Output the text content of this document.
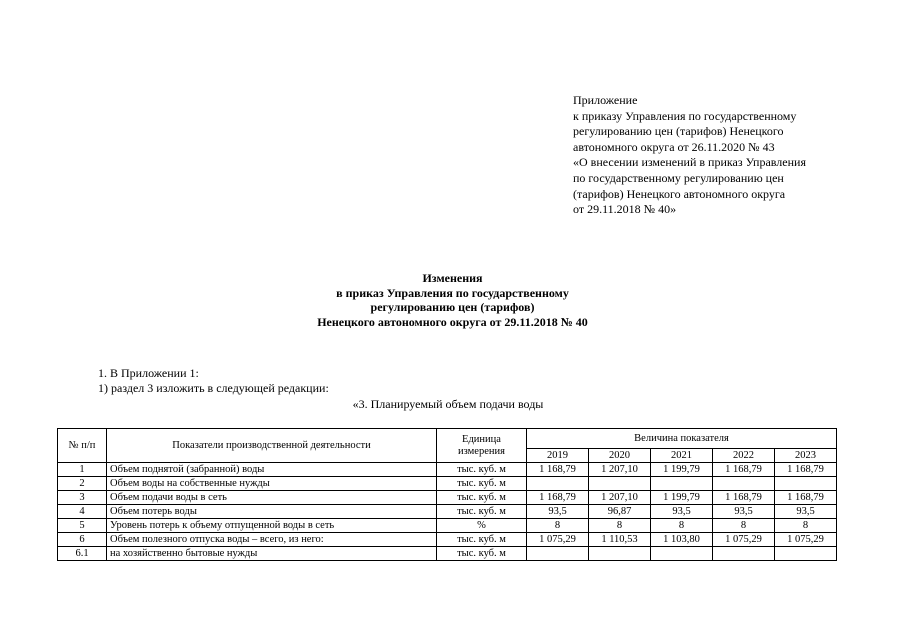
Приложение
к приказу Управления по государственному
регулированию цен (тарифов) Ненецкого
автономного округа от 26.11.2020 № 43
«О внесении изменений в приказ Управления
по государственному регулированию цен
(тарифов) Ненецкого автономного округа
от 29.11.2018 № 40»
Изменения
в приказ Управления по государственному
регулированию цен (тарифов)
Ненецкого автономного округа от 29.11.2018 № 40
1. В Приложении 1:
1) раздел 3 изложить в следующей редакции:
«3. Планируемый объем подачи воды
№ п/п	Показатели производственной деятельности	Единица измерения	Величина показателя				
			2019	2020	2021	2022	2023
1	Объем поднятой (забранной) воды	тыс. куб. м	1 168,79	1 207,10	1 199,79	1 168,79	1 168,79
2	Объем воды на собственные нужды	тыс. куб. м					
3	Объем подачи воды в сеть	тыс. куб. м	1 168,79	1 207,10	1 199,79	1 168,79	1 168,79
4	Объем потерь воды	тыс. куб. м	93,5	96,87	93,5	93,5	93,5
5	Уровень потерь к объему отпущенной воды в сеть	%	8	8	8	8	8
6	Объем полезного отпуска воды – всего, из него:	тыс. куб. м	1 075,29	1 110,53	1 103,80	1 075,29	1 075,29
6.1	на хозяйственно бытовые нужды	тыс. куб. м					
